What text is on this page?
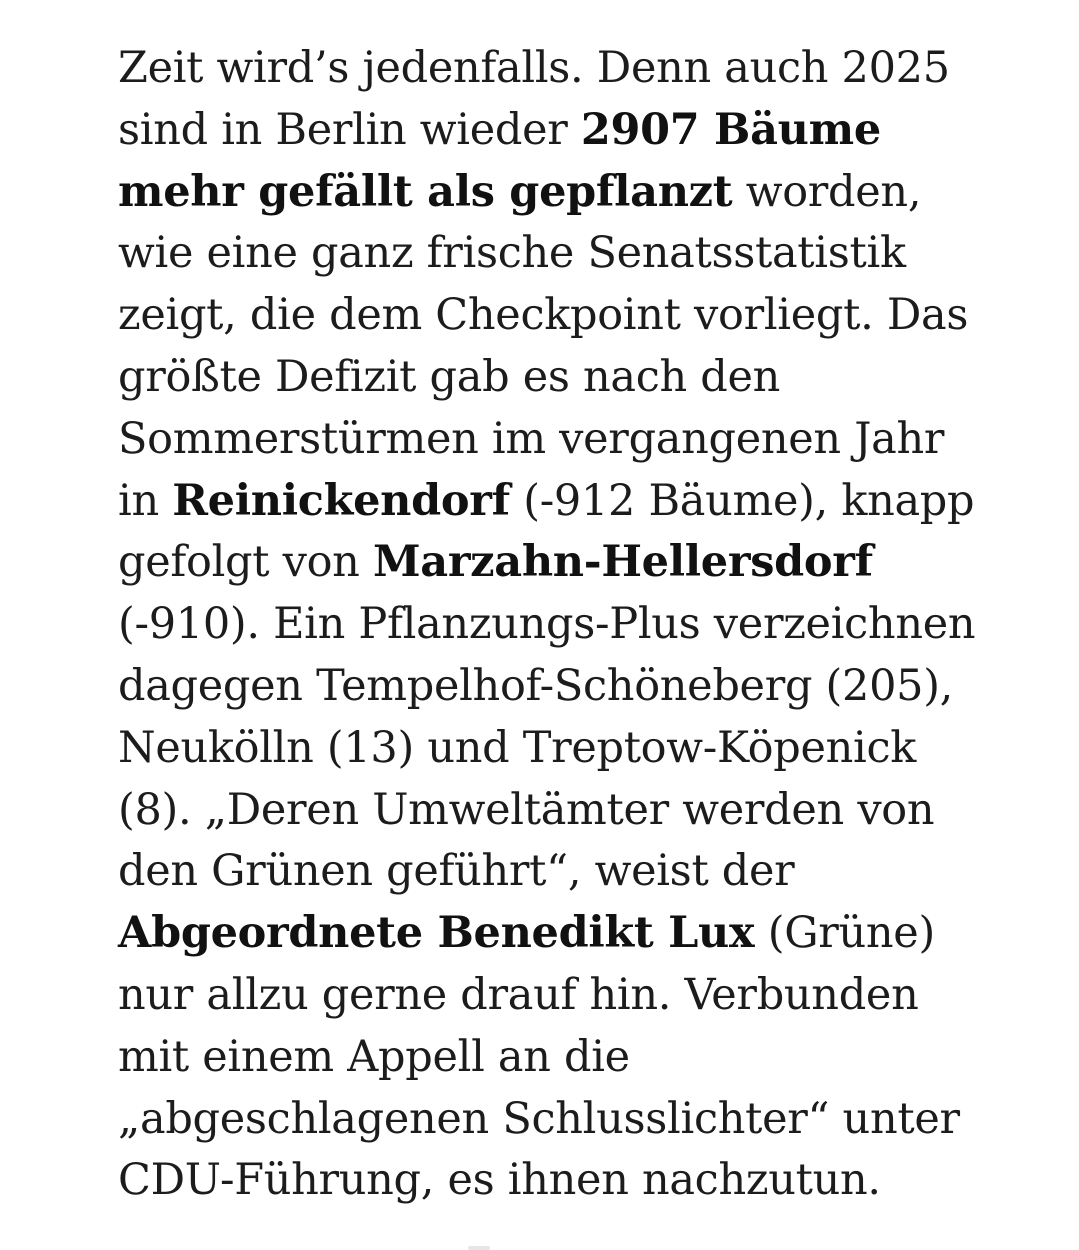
Zeit wird’s jedenfalls. Denn auch 2025
sind in Berlin wieder 2907 Bäume
mehr gefällt als gepflanzt worden,
wie eine ganz frische Senatsstatistik
zeigt, die dem Checkpoint vorliegt. Das
größte Defizit gab es nach den
Sommerstürmen im vergangenen Jahr
in Reinickendorf (-912 Bäume), knapp
gefolgt von Marzahn-Hellersdorf
(-910). Ein Pflanzungs-Plus verzeichnen
dagegen Tempelhof-Schöneberg (205),
Neukölln (13) und Treptow-Köpenick
(8). „Deren Umweltämter werden von
den Grünen geführt“, weist der
Abgeordnete Benedikt Lux (Grüne)
nur allzu gerne drauf hin. Verbunden
mit einem Appell an die
„abgeschlagenen Schlusslichter“ unter
CDU-Führung, es ihnen nachzutun.
